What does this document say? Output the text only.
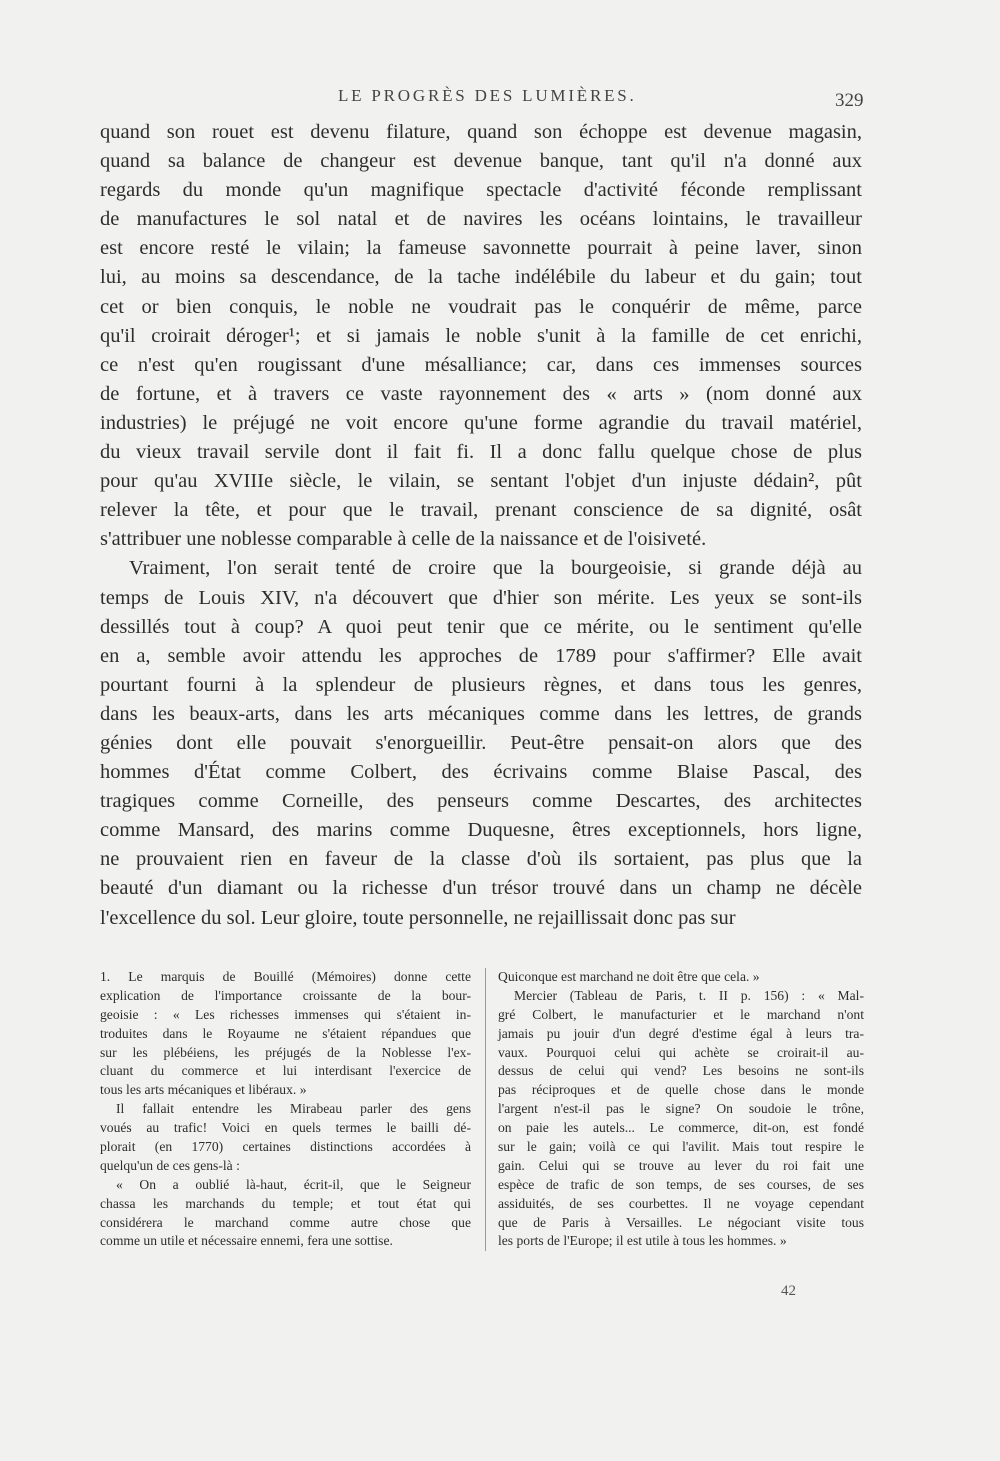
LE PROGRÈS DES LUMIÈRES.	329
quand son rouet est devenu filature, quand son échoppe est devenue magasin,
quand sa balance de changeur est devenue banque, tant qu'il n'a donné aux
regards du monde qu'un magnifique spectacle d'activité féconde remplissant
de manufactures le sol natal et de navires les océans lointains, le travailleur
est encore resté le vilain; la fameuse savonnette pourrait à peine laver, sinon
lui, au moins sa descendance, de la tache indélébile du labeur et du gain; tout
cet or bien conquis, le noble ne voudrait pas le conquérir de même, parce
qu'il croirait déroger¹; et si jamais le noble s'unit à la famille de cet enrichi,
ce n'est qu'en rougissant d'une mésalliance; car, dans ces immenses sources
de fortune, et à travers ce vaste rayonnement des « arts » (nom donné aux
industries) le préjugé ne voit encore qu'une forme agrandie du travail matériel,
du vieux travail servile dont il fait fi. Il a donc fallu quelque chose de plus
pour qu'au XVIIIe siècle, le vilain, se sentant l'objet d'un injuste dédain², pût
relever la tête, et pour que le travail, prenant conscience de sa dignité, osât
s'attribuer une noblesse comparable à celle de la naissance et de l'oisiveté.
Vraiment, l'on serait tenté de croire que la bourgeoisie, si grande déjà au
temps de Louis XIV, n'a découvert que d'hier son mérite. Les yeux se sont-ils
dessillés tout à coup? A quoi peut tenir que ce mérite, ou le sentiment qu'elle
en a, semble avoir attendu les approches de 1789 pour s'affirmer? Elle avait
pourtant fourni à la splendeur de plusieurs règnes, et dans tous les genres,
dans les beaux-arts, dans les arts mécaniques comme dans les lettres, de grands
génies dont elle pouvait s'enorgueillir. Peut-être pensait-on alors que des
hommes d'État comme Colbert, des écrivains comme Blaise Pascal, des
tragiques comme Corneille, des penseurs comme Descartes, des architectes
comme Mansard, des marins comme Duquesne, êtres exceptionnels, hors ligne,
ne prouvaient rien en faveur de la classe d'où ils sortaient, pas plus que la
beauté d'un diamant ou la richesse d'un trésor trouvé dans un champ ne décèle
l'excellence du sol. Leur gloire, toute personnelle, ne rejaillissait donc pas sur
1. Le marquis de Bouillé (Mémoires) donne cette
explication de l'importance croissante de la bour-
geoisie : « Les richesses immenses qui s'étaient in-
troduites dans le Royaume ne s'étaient répandues que
sur les plébéiens, les préjugés de la Noblesse l'ex-
cluant du commerce et lui interdisant l'exercice de
tous les arts mécaniques et libéraux. »
Il fallait entendre les Mirabeau parler des gens
voués au trafic! Voici en quels termes le bailli dé-
plorait (en 1770) certaines distinctions accordées à
quelqu'un de ces gens-là :
« On a oublié là-haut, écrit-il, que le Seigneur
chassa les marchands du temple; et tout état qui
considérera le marchand comme autre chose que
comme un utile et nécessaire ennemi, fera une sottise.
Quiconque est marchand ne doit être que cela. »
Mercier (Tableau de Paris, t. II p. 156) : « Mal-
gré Colbert, le manufacturier et le marchand n'ont
jamais pu jouir d'un degré d'estime égal à leurs tra-
vaux. Pourquoi celui qui achète se croirait-il au-
dessus de celui qui vend? Les besoins ne sont-ils
pas réciproques et de quelle chose dans le monde
l'argent n'est-il pas le signe? On soudoie le trône,
on paie les autels... Le commerce, dit-on, est fondé
sur le gain; voilà ce qui l'avilit. Mais tout respire le
gain. Celui qui se trouve au lever du roi fait une
espèce de trafic de son temps, de ses courses, de ses
assiduités, de ses courbettes. Il ne voyage cependant
que de Paris à Versailles. Le négociant visite tous
les ports de l'Europe; il est utile à tous les hommes. »
42
